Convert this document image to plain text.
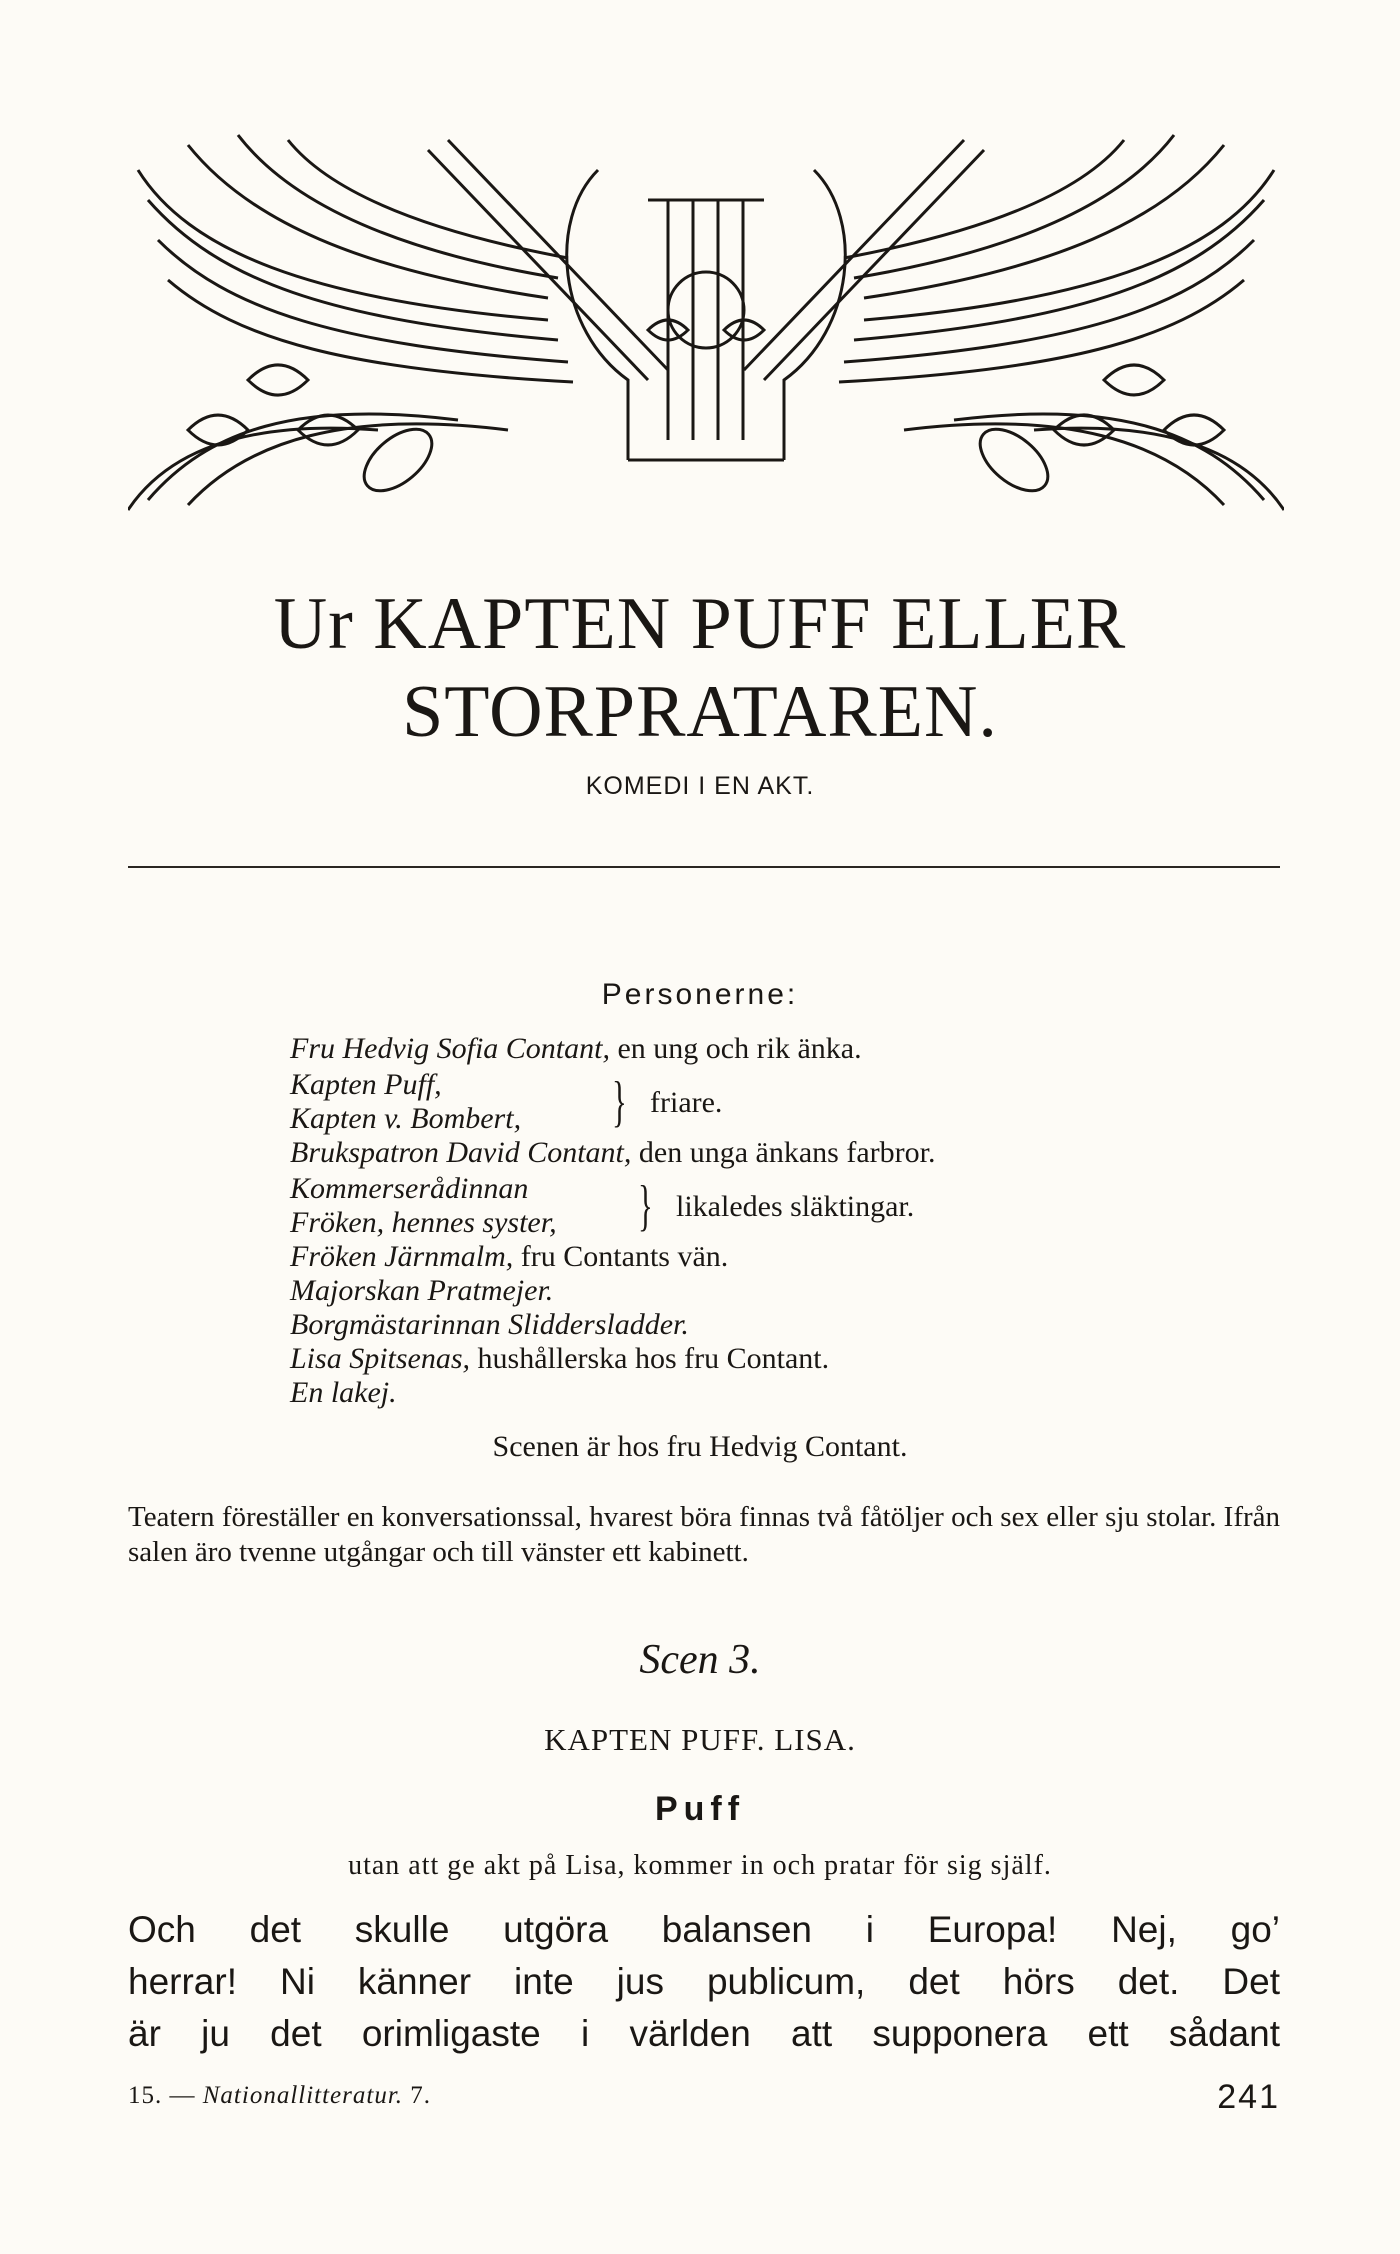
Ur KAPTEN PUFF ELLER
STORPRATAREN.
KOMEDI I EN AKT.
Personerne:
Fru Hedvig Sofia Contant, en ung och rik änka.
Kapten Puff,
Kapten v. Bombert, } friare.
Brukspatron David Contant, den unga änkans farbror.
Kommerserådinnan
Fröken, hennes syster, } likaledes släktingar.
Fröken Järnmalm, fru Contants vän.
Majorskan Pratmejer.
Borgmästarinnan Sliddersladder.
Lisa Spitsenas, hushållerska hos fru Contant.
En lakej.
Scenen är hos fru Hedvig Contant.
Teatern föreställer en konversationssal, hvarest böra finnas två fåtöljer och sex eller sju stolar. Ifrån salen äro tvenne utgångar och till vänster ett kabinett.
Scen 3.
KAPTEN PUFF. LISA.
Puff
utan att ge akt på Lisa, kommer in och pratar för sig själf.
Och det skulle utgöra balansen i Europa! Nej, go’
herrar! Ni känner inte jus publicum, det hörs det. Det
är ju det orimligaste i världen att supponera ett sådant
15. — Nationallitteratur. 7.	241
